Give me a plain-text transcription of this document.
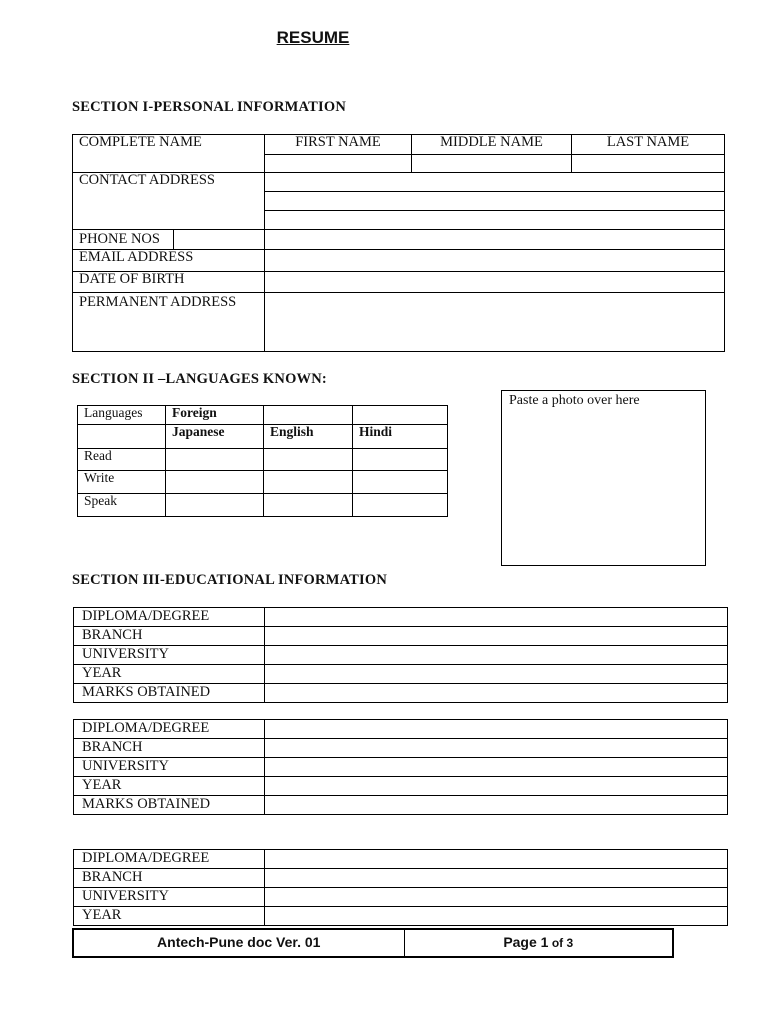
RESUME
SECTION I-PERSONAL INFORMATION
COMPLETE NAME	FIRST NAME	MIDDLE NAME	LAST NAME

CONTACT ADDRESS			

PHONE NOS			

EMAIL ADDRESS			
DATE OF BIRTH			
PERMANENT ADDRESS			
SECTION II –LANGUAGES KNOWN:
Languages	Foreign		
	Japanese	English	Hindi
Read			
Write			
Speak			
Paste a photo over here
SECTION III-EDUCATIONAL INFORMATION
DIPLOMA/DEGREE	
BRANCH	
UNIVERSITY	
YEAR	
MARKS OBTAINED	
DIPLOMA/DEGREE	
BRANCH	
UNIVERSITY	
YEAR	
MARKS OBTAINED	
DIPLOMA/DEGREE	
BRANCH	
UNIVERSITY	
YEAR	
Antech-Pune doc Ver. 01	Page 1 of 3
